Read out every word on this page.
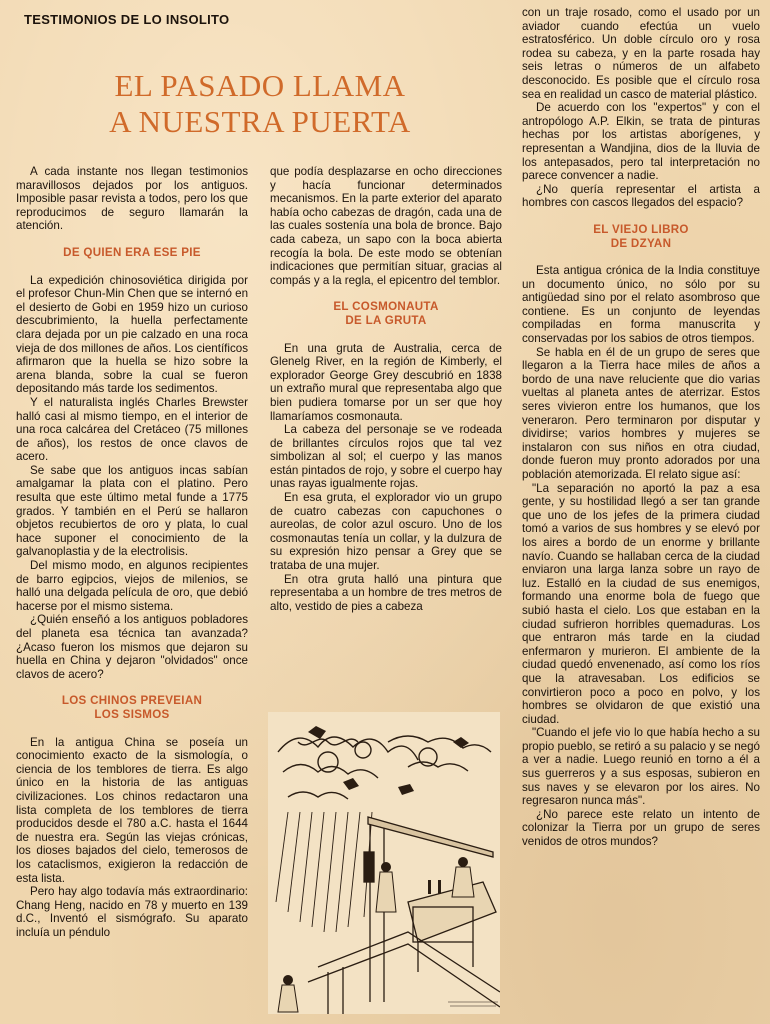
TESTIMONIOS DE LO INSOLITO
EL PASADO LLAMA
A NUESTRA PUERTA

A cada instante nos llegan testimonios maravillosos dejados por los antiguos. Imposible pasar revista a todos, pero los que reproducimos de seguro llamarán la atención.

DE QUIEN ERA ESE PIE

La expedición chinosoviética dirigida por el profesor Chun-Min Chen que se internó en el desierto de Gobi en 1959 hizo un curioso descubrimiento, la huella perfectamente clara dejada por un pie calzado en una roca vieja de dos millones de años. Los científicos afirmaron que la huella se hizo sobre la arena blanda, sobre la cual se fueron depositando más tarde los sedimentos.

Y el naturalista inglés Charles Brewster halló casi al mismo tiempo, en el interior de una roca calcárea del Cretáceo (75 millones de años), los restos de once clavos de acero.

Se sabe que los antiguos incas sabían amalgamar la plata con el platino. Pero resulta que este último metal funde a 1775 grados. Y también en el Perú se hallaron objetos recubiertos de oro y plata, lo cual hace suponer el conocimiento de la galvanoplastia y de la electrolisis.

Del mismo modo, en algunos recipientes de barro egipcios, viejos de milenios, se halló una delgada película de oro, que debió hacerse por el mismo sistema.

¿Quién enseñó a los antiguos pobladores del planeta esa técnica tan avanzada? ¿Acaso fueron los mismos que dejaron su huella en China y dejaron "olvidados" once clavos de acero?

LOS CHINOS PREVEIAN
LOS SISMOS

En la antigua China se poseía un conocimiento exacto de la sismología, o ciencia de los temblores de tierra. Es algo único en la historia de las antiguas civilizaciones. Los chinos redactaron una lista completa de los temblores de tierra producidos desde el 780 a.C. hasta el 1644 de nuestra era. Según las viejas crónicas, los dioses bajados del cielo, temerosos de los cataclismos, exigieron la redacción de esta lista.

Pero hay algo todavía más extraordinario: Chang Heng, nacido en 78 y muerto en 139 d.C., Inventó el sismógrafo. Su aparato incluía un péndulo

que podía desplazarse en ocho direcciones y hacía funcionar determinados mecanismos. En la parte exterior del aparato había ocho cabezas de dragón, cada una de las cuales sostenía una bola de bronce. Bajo cada cabeza, un sapo con la boca abierta recogía la bola. De este modo se obtenían indicaciones que permitían situar, gracias al compás y a la regla, el epicentro del temblor.

EL COSMONAUTA
DE LA GRUTA

En una gruta de Australia, cerca de Glenelg River, en la región de Kimberly, el explorador George Grey descubrió en 1838 un extraño mural que representaba algo que bien pudiera tomarse por un ser que hoy llamaríamos cosmonauta.

La cabeza del personaje se ve rodeada de brillantes círculos rojos que tal vez simbolizan al sol; el cuerpo y las manos están pintados de rojo, y sobre el cuerpo hay unas rayas igualmente rojas.

En esa gruta, el explorador vio un grupo de cuatro cabezas con capuchones o aureolas, de color azul oscuro. Uno de los cosmonautas tenía un collar, y la dulzura de su expresión hizo pensar a Grey que se trataba de una mujer.

En otra gruta halló una pintura que representaba a un hombre de tres metros de alto, vestido de pies a cabeza

con un traje rosado, como el usado por un aviador cuando efectúa un vuelo estratosférico. Un doble círculo oro y rosa rodea su cabeza, y en la parte rosada hay seis letras o números de un alfabeto desconocido. Es posible que el círculo rosa sea en realidad un casco de material plástico.

De acuerdo con los "expertos" y con el antropólogo A.P. Elkin, se trata de pinturas hechas por los artistas aborígenes, y representan a Wandjina, dios de la lluvia de los antepasados, pero tal interpretación no parece convencer a nadie.

¿No quería representar el artista a hombres con cascos llegados del espacio?

EL VIEJO LIBRO
DE DZYAN

Esta antigua crónica de la India constituye un documento único, no sólo por su antigüedad sino por el relato asombroso que contiene. Es un conjunto de leyendas compiladas en forma manuscrita y conservadas por los sabios de otros tiempos.

Se habla en él de un grupo de seres que llegaron a la Tierra hace miles de años a bordo de una nave reluciente que dio varias vueltas al planeta antes de aterrizar. Estos seres vivieron entre los humanos, que los veneraron. Pero terminaron por disputar y dividirse; varios hombres y mujeres se instalaron con sus niños en otra ciudad, donde fueron muy pronto adorados por una población atemorizada. El relato sigue así:

"La separación no aportó la paz a esa gente, y su hostilidad llegó a ser tan grande que uno de los jefes de la primera ciudad tomó a varios de sus hombres y se elevó por los aires a bordo de un enorme y brillante navío. Cuando se hallaban cerca de la ciudad enviaron una larga lanza sobre un rayo de luz. Estalló en la ciudad de sus enemigos, formando una enorme bola de fuego que subió hasta el cielo. Los que estaban en la ciudad sufrieron horribles quemaduras. Los que entraron más tarde en la ciudad enfermaron y murieron. El ambiente de la ciudad quedó envenenado, así como los ríos que la atravesaban. Los edificios se convirtieron poco a poco en polvo, y los hombres se olvidaron de que existió una ciudad.

"Cuando el jefe vio lo que había hecho a su propio pueblo, se retiró a su palacio y se negó a ver a nadie. Luego reunió en torno a él a sus guerreros y a sus esposas, subieron en sus naves y se elevaron por los aires. No regresaron nunca más".

¿No parece este relato un intento de colonizar la Tierra por un grupo de seres venidos de otros mundos?
